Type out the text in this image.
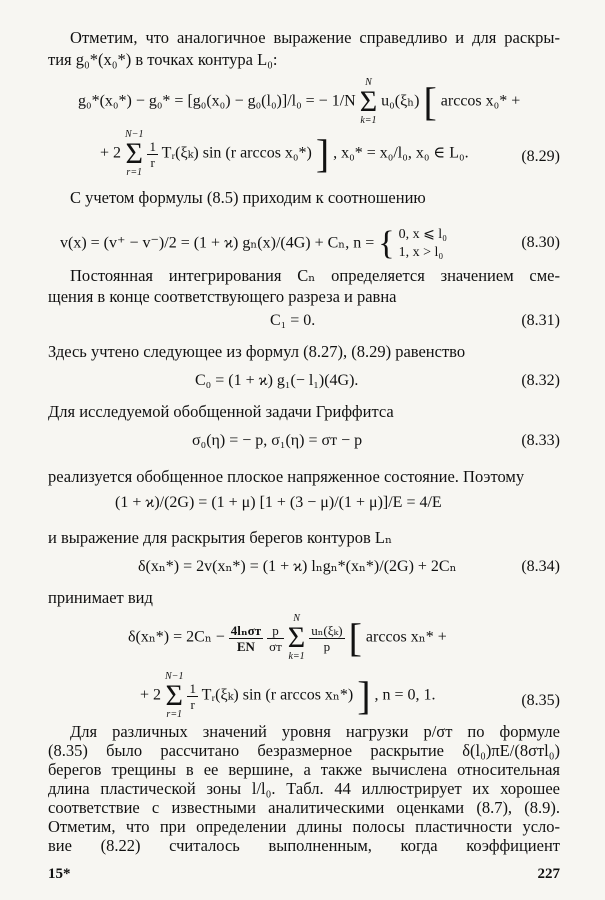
Отметим, что аналогичное выражение справедливо и для раскры-
тия g₀*(x₀*) в точках контура L₀:
g₀*(x₀*) − g₀* = [g₀(x₀) − g₀(l₀)]/l₀ = − 1/N
N
Σ
k=1
u₀(ξₕ) [ arccos x₀* +
+ 2
N−1
Σ
r=1

$\frac{1}{r}$ Tᵣ(ξₖ) sin (r arccos x₀*) ] , x₀* = x₀/l₀, x₀ ∈ L₀.	(8.29)
С учетом формулы (8.5) приходим к соотношению
v(x) = (v⁺ − v⁻)/2 = (1 + ϰ) gₙ(x)/(4G) + Cₙ, n = { 0, x ⩽ l₀
1, x > l₀
(8.30)
Постоянная интегрирования Cₙ определяется значением сме-
щения в конце соответствующего разреза и равна
C₁ = 0.	(8.31)
Здесь учтено следующее из формул (8.27), (8.29) равенство
C₀ = (1 + ϰ) g₁(− l₁)(4G).	(8.32)
Для исследуемой обобщенной задачи Гриффитса
σ₀(η) = − p, σ₁(η) = σт − p	(8.33)
реализуется обобщенное плоское напряженное состояние. Поэтому
(1 + ϰ)/(2G) = (1 + μ) [1 + (3 − μ)/(1 + μ)]/E = 4/E
и выражение для раскрытия берегов контуров Lₙ
δ(xₙ*) = 2v(xₙ*) = (1 + ϰ) lₙgₙ*(xₙ*)/(2G) + 2Cₙ	(8.34)
принимает вид
$\delta(x_n*) = 2C_n - \frac{\text{4lₙσт}}{EN}$
$\frac{p}{\sigma т}$

N
Σ
k=1

$\frac{\text{uₙ(ξₖ)}}{p}$ [ arccos xₙ* +
+ 2
N−1
Σ
r=1

$\frac{1}{r}$ Tᵣ(ξₖ) sin (r arccos xₙ*) ] , n = 0, 1.	(8.35)
Для различных значений уровня нагрузки p/σт по формуле
(8.35) было рассчитано безразмерное раскрытие δ(l₀)πE/(8σтl₀)
берегов трещины в ее вершине, а также вычислена относительная
длина пластической зоны l/l₀. Табл. 44 иллюстрирует их хорошее
соответствие с известными аналитическими оценками (8.7), (8.9).
Отметим, что при определении длины полосы пластичности усло-
вие (8.22) считалось выполненным, когда коэффициент
15*	227
